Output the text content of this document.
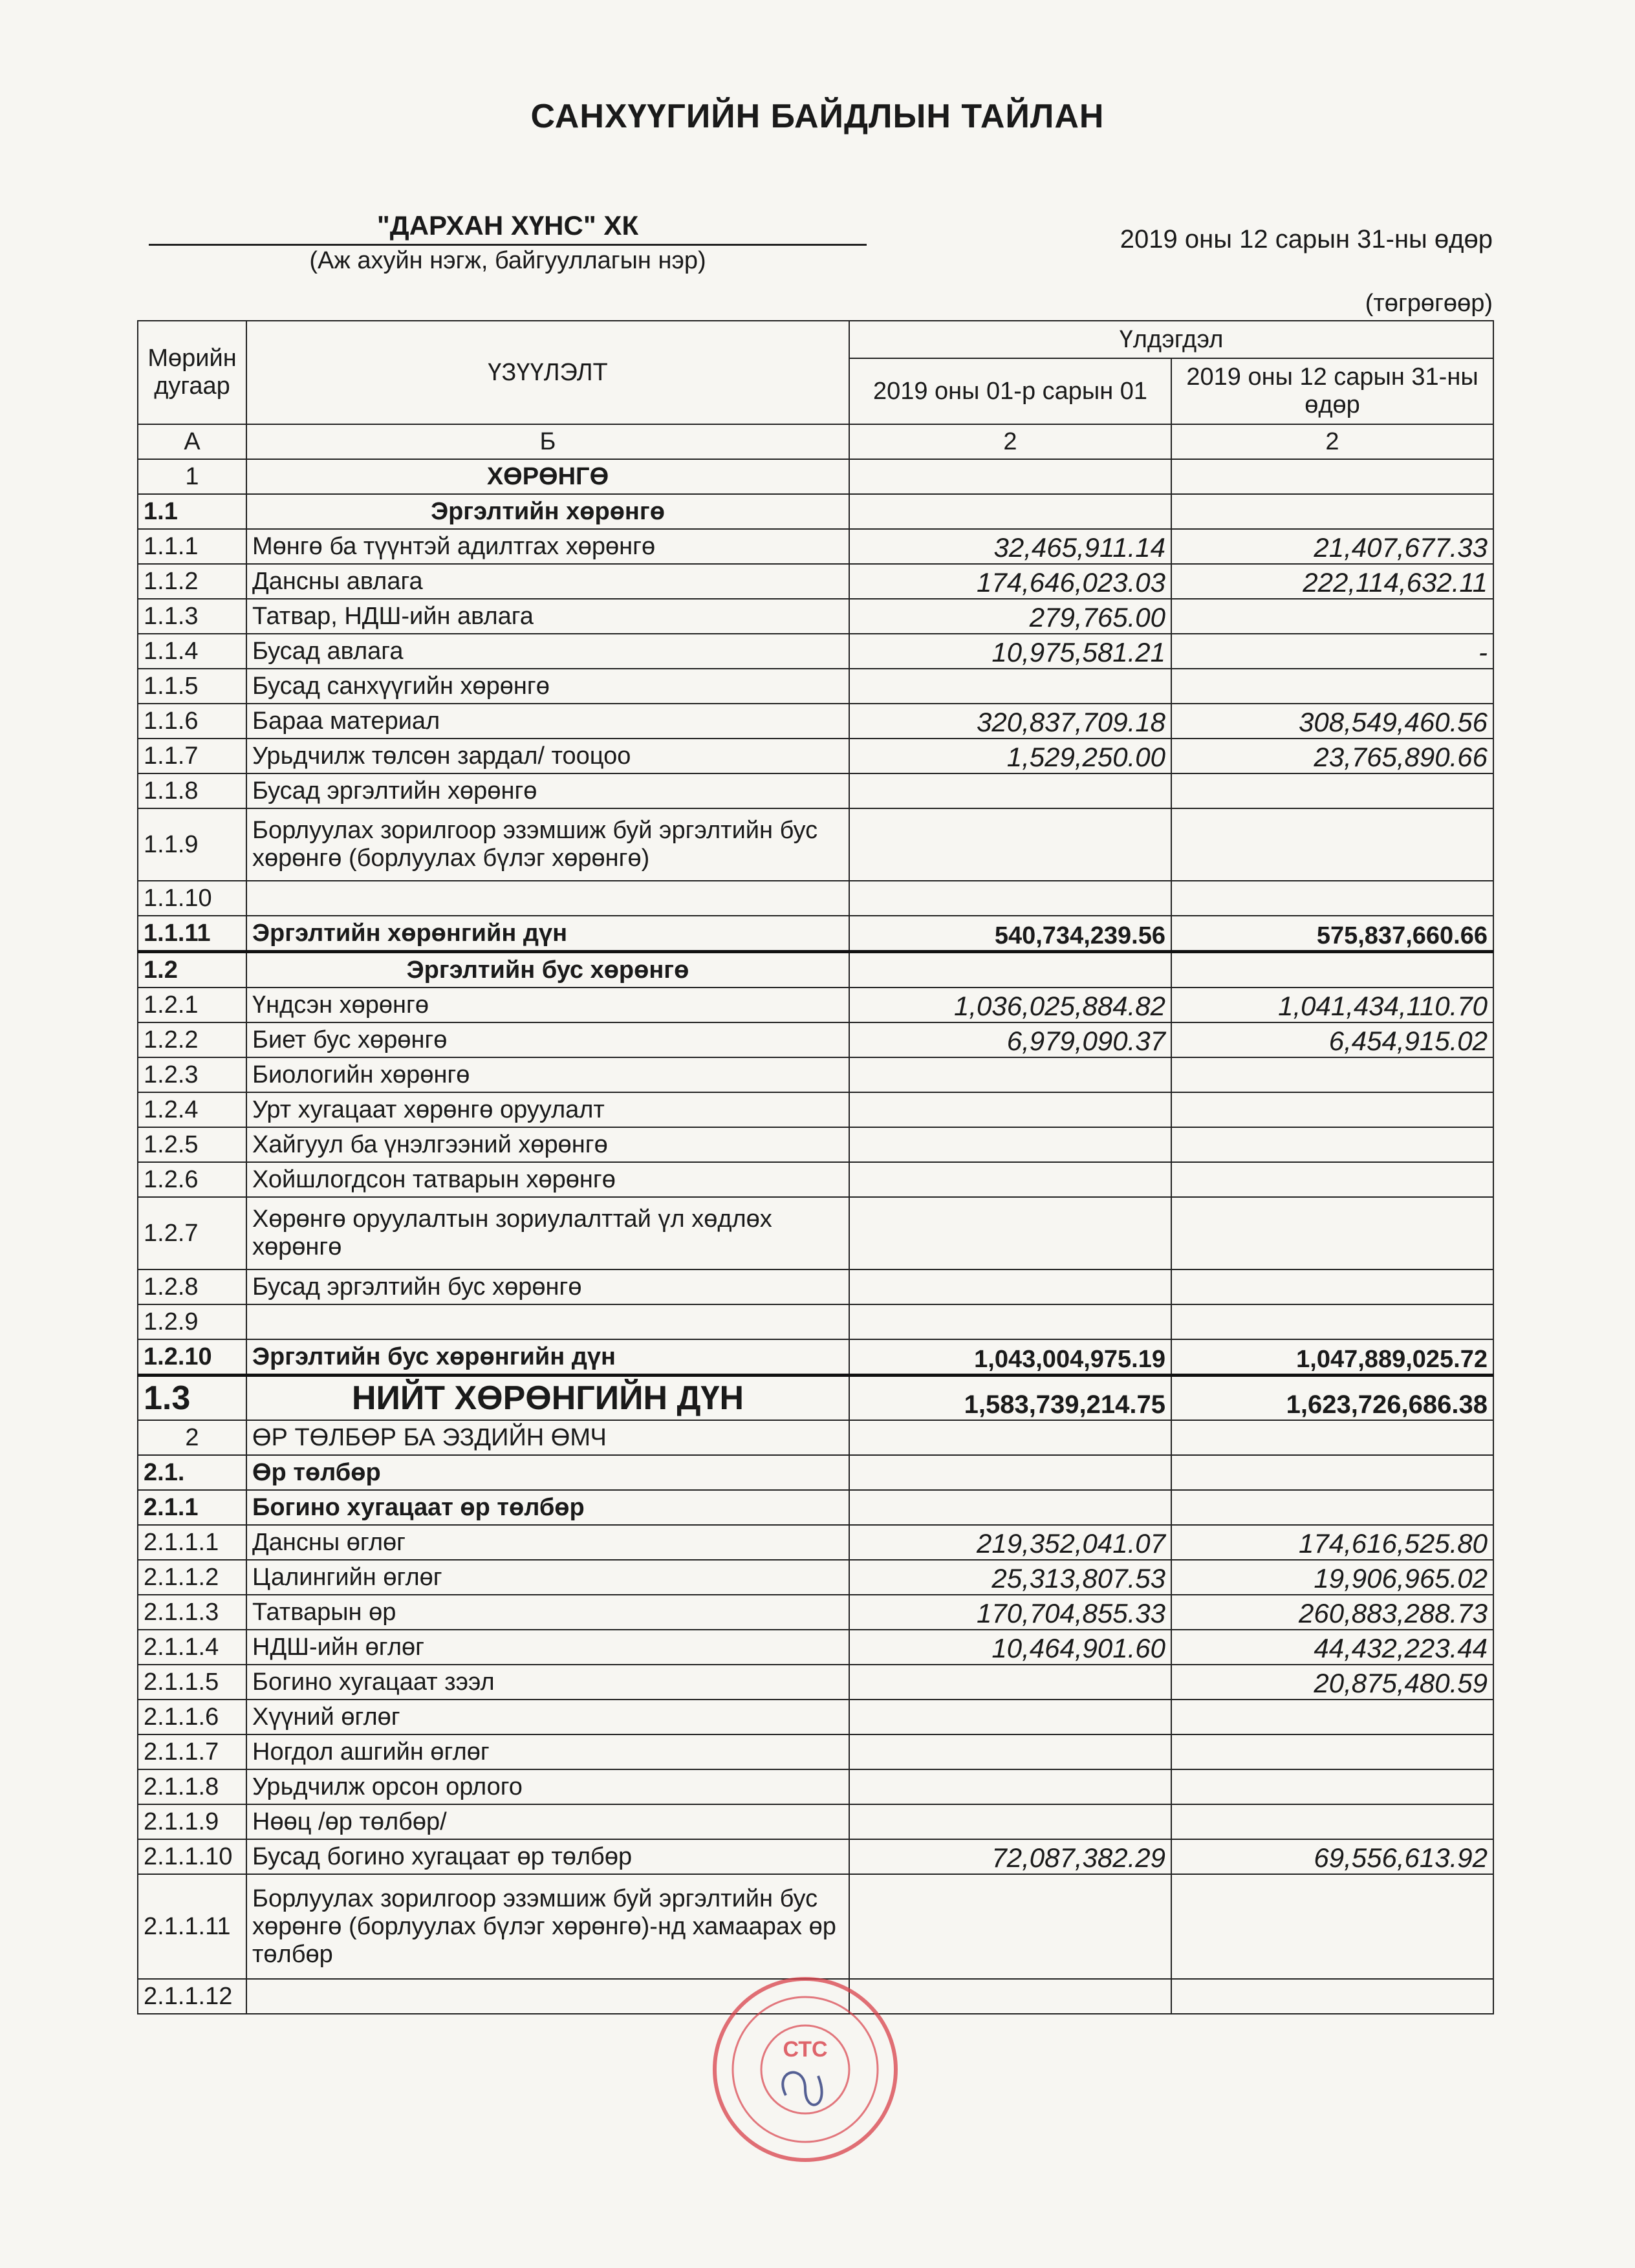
САНХҮҮГИЙН БАЙДЛЫН ТАЙЛАН
"ДАРХАН ХҮНС" ХК
(Аж ахуйн нэгж, байгууллагын нэр)
2019 оны 12 сарын 31-ны өдөр
(төгрөгөөр)
Мөрийн дугаар	ҮЗҮҮЛЭЛТ	Үлдэгдэл	
		2019 оны 01-р сарын 01	2019 оны 12 сарын 31-ны өдөр
А	Б	2	2
1	ХӨРӨНГӨ		
1.1	Эргэлтийн хөрөнгө		
1.1.1	Мөнгө ба түүнтэй адилтгах хөрөнгө	32,465,911.14	21,407,677.33
1.1.2	Дансны авлага	174,646,023.03	222,114,632.11
1.1.3	Татвар, НДШ-ийн авлага	279,765.00	
1.1.4	Бусад авлага	10,975,581.21	-
1.1.5	Бусад санхүүгийн хөрөнгө		
1.1.6	Бараа материал	320,837,709.18	308,549,460.56
1.1.7	Урьдчилж төлсөн зардал/ тооцоо	1,529,250.00	23,765,890.66
1.1.8	Бусад эргэлтийн хөрөнгө		
1.1.9	Борлуулах зорилгоор эзэмшиж буй эргэлтийн бус хөрөнгө (борлуулах бүлэг хөрөнгө)		
1.1.10			
1.1.11	Эргэлтийн хөрөнгийн дүн	540,734,239.56	575,837,660.66
1.2	Эргэлтийн бус хөрөнгө		
1.2.1	Үндсэн хөрөнгө	1,036,025,884.82	1,041,434,110.70
1.2.2	Биет бус хөрөнгө	6,979,090.37	6,454,915.02
1.2.3	Биологийн хөрөнгө		
1.2.4	Урт хугацаат хөрөнгө оруулалт		
1.2.5	Хайгуул ба үнэлгээний хөрөнгө		
1.2.6	Хойшлогдсон татварын хөрөнгө		
1.2.7	Хөрөнгө оруулалтын зориулалттай үл хөдлөх хөрөнгө		
1.2.8	Бусад эргэлтийн бус хөрөнгө		
1.2.9			
1.2.10	Эргэлтийн бус хөрөнгийн дүн	1,043,004,975.19	1,047,889,025.72
1.3	НИЙТ ХӨРӨНГИЙН ДҮН	1,583,739,214.75	1,623,726,686.38
2	ӨР ТӨЛБӨР БА ЭЗДИЙН ӨМЧ		
2.1.	Өр төлбөр		
2.1.1	Богино хугацаат өр төлбөр		
2.1.1.1	Дансны өглөг	219,352,041.07	174,616,525.80
2.1.1.2	Цалингийн өглөг	25,313,807.53	19,906,965.02
2.1.1.3	Татварын өр	170,704,855.33	260,883,288.73
2.1.1.4	НДШ-ийн өглөг	10,464,901.60	44,432,223.44
2.1.1.5	Богино хугацаат зээл		20,875,480.59
2.1.1.6	Хүүний өглөг		
2.1.1.7	Ногдол ашгийн өглөг		
2.1.1.8	Урьдчилж орсон орлого		
2.1.1.9	Нөөц /өр төлбөр/		
2.1.1.10	Бусад богино хугацаат өр төлбөр	72,087,382.29	69,556,613.92
2.1.1.11	Борлуулах зорилгоор эзэмшиж буй эргэлтийн бус хөрөнгө (борлуулах бүлэг хөрөнгө)-нд хамаарах өр төлбөр		
2.1.1.12			
СТС
